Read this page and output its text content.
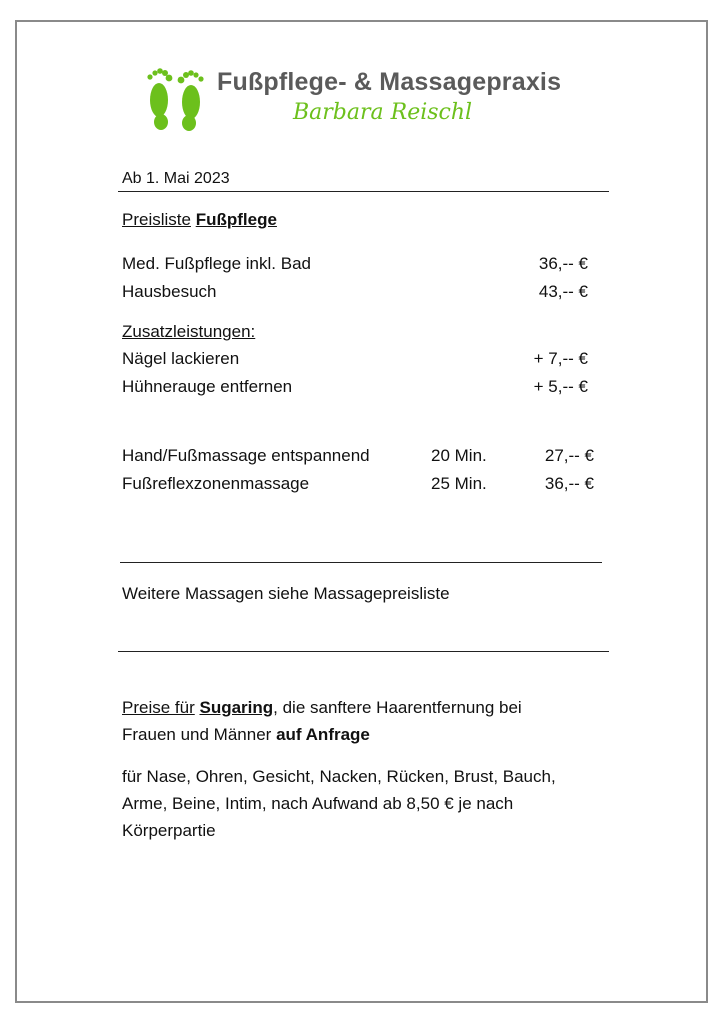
Fußpflege- & Massagepraxis
Barbara Reischl
Ab 1. Mai 2023
Preisliste Fußpflege
Med. Fußpflege inkl. Bad	36,-- €
Hausbesuch	43,-- €
Zusatzleistungen:
Nägel lackieren	+ 7,-- €
Hühnerauge entfernen	+ 5,-- €
Hand/Fußmassage entspannend	20 Min.	27,-- €
Fußreflexzonenmassage	25 Min.	36,-- €
Weitere Massagen siehe Massagepreisliste
Preise für Sugaring, die sanftere Haarentfernung bei
Frauen und Männer auf Anfrage
für Nase, Ohren, Gesicht, Nacken, Rücken, Brust, Bauch,
Arme, Beine, Intim, nach Aufwand ab 8,50 € je nach
Körperpartie
